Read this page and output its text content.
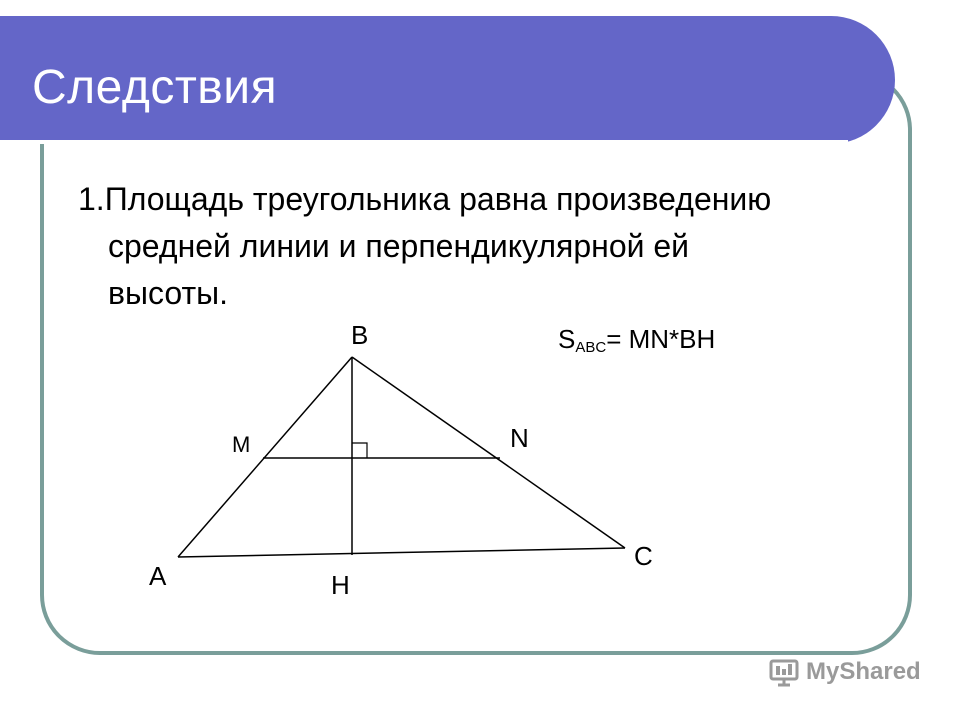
Следствия
1.Площадь треугольника равна произведению
средней линии и перпендикулярной ей
высоты.
B
M	N
A	H
C
$S_{ABC}= MN*BH$
MyShared
